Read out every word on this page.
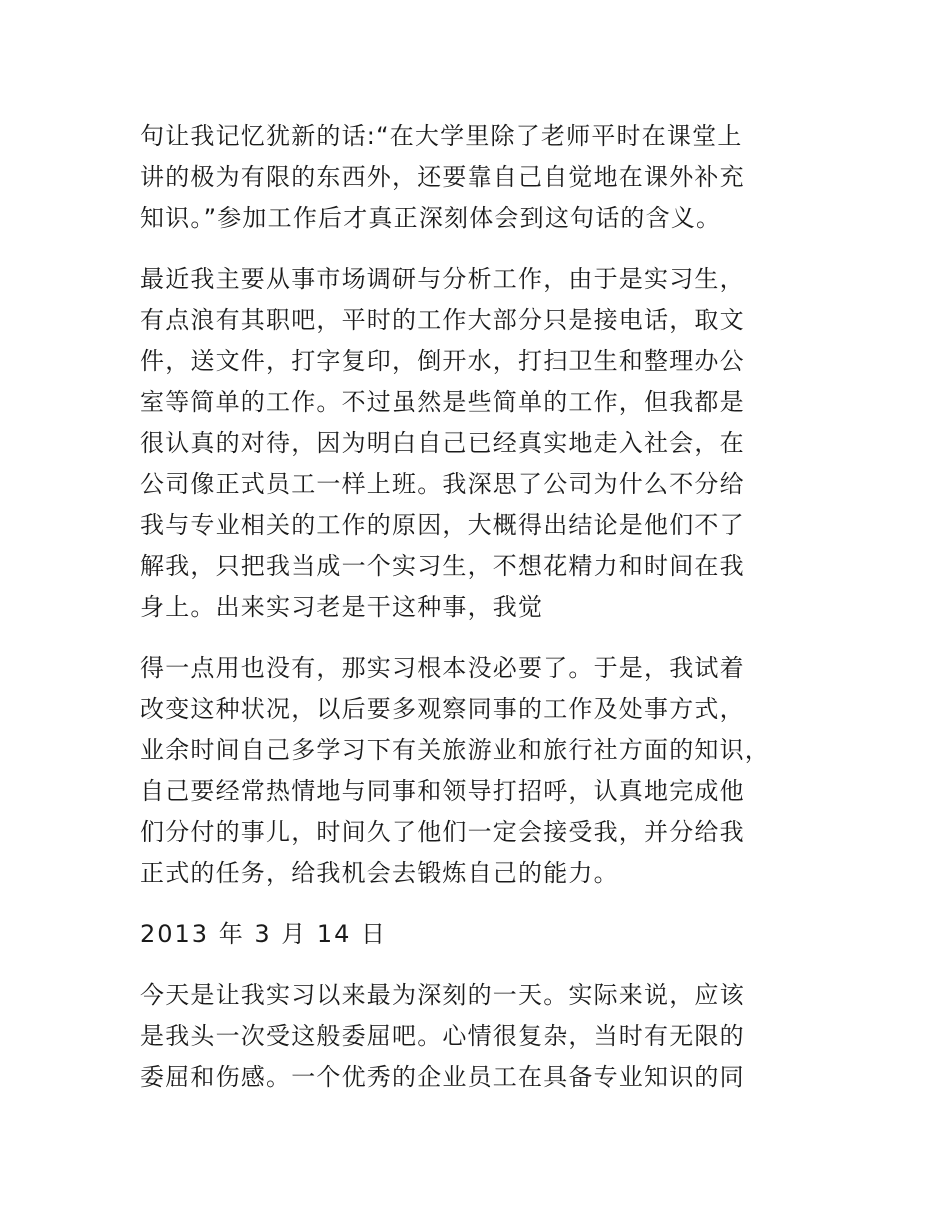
句让我记忆犹新的话:“在大学里除了老师平时在课堂上
讲的极为有限的东西外，还要靠自己自觉地在课外补充
知识。”参加工作后才真正深刻体会到这句话的含义。

最近我主要从事市场调研与分析工作，由于是实习生，
有点浪有其职吧，平时的工作大部分只是接电话，取文
件，送文件，打字复印，倒开水，打扫卫生和整理办公
室等简单的工作。不过虽然是些简单的工作，但我都是
很认真的对待，因为明白自己已经真实地走入社会，在
公司像正式员工一样上班。我深思了公司为什么不分给
我与专业相关的工作的原因，大概得出结论是他们不了
解我，只把我当成一个实习生，不想花精力和时间在我
身上。出来实习老是干这种事，我觉

得一点用也没有，那实习根本没必要了。于是，我试着
改变这种状况，以后要多观察同事的工作及处事方式，
业余时间自己多学习下有关旅游业和旅行社方面的知识，
自己要经常热情地与同事和领导打招呼，认真地完成他
们分付的事儿，时间久了他们一定会接受我，并分给我
正式的任务，给我机会去锻炼自己的能力。

2013 年 3 月 14 日

今天是让我实习以来最为深刻的一天。实际来说，应该
是我头一次受这般委屈吧。心情很复杂，当时有无限的
委屈和伤感。一个优秀的企业员工在具备专业知识的同
